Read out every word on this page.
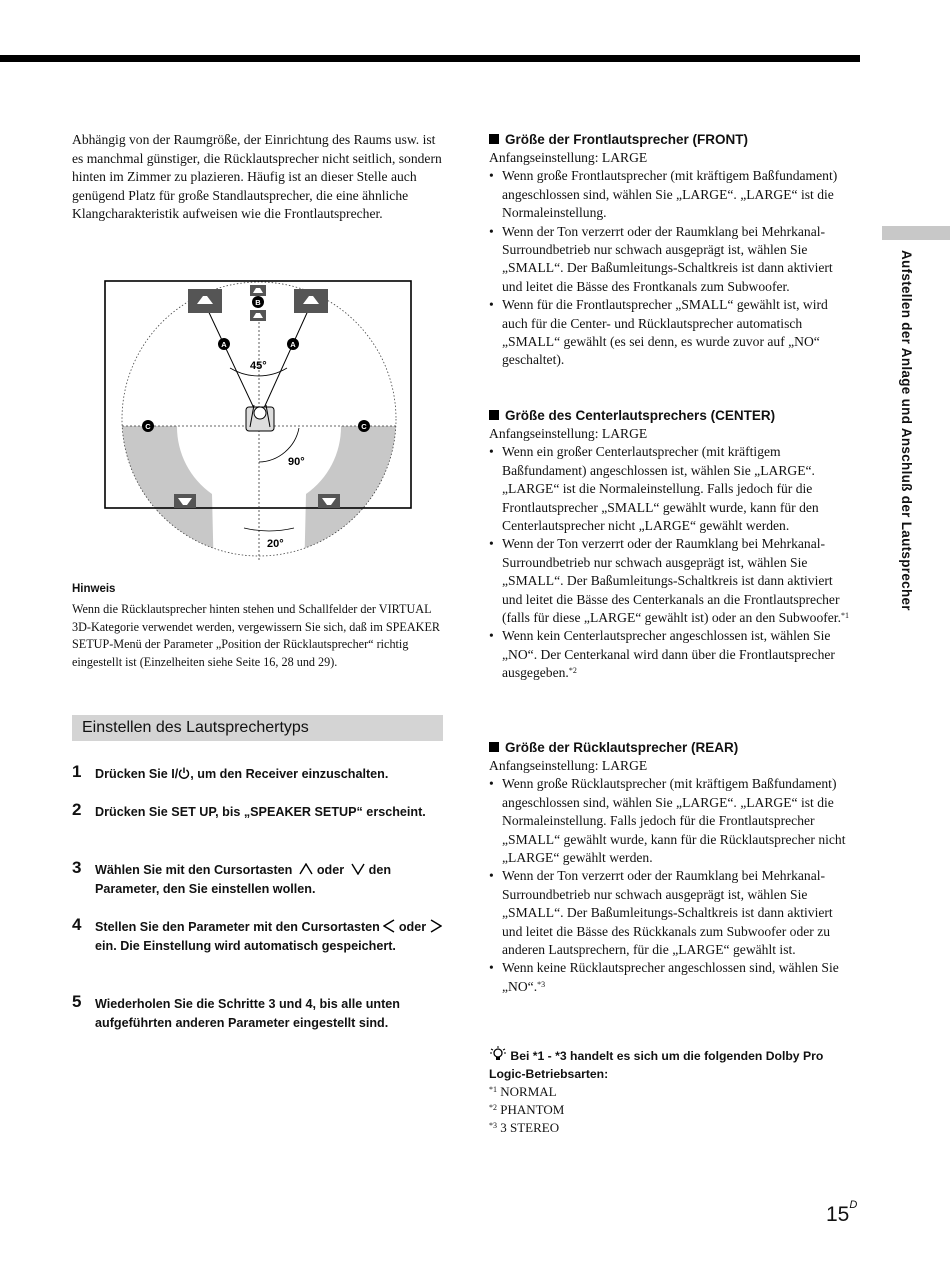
Aufstellen der Anlage und Anschluß der Lautsprecher

Abhängig von der Raumgröße, der Einrichtung des Raums usw. ist es manchmal günstiger, die Rücklautsprecher nicht seitlich, sondern hinten im Zimmer zu plazieren. Häufig ist an dieser Stelle auch genügend Platz für große Standlautsprecher, die eine ähnliche Klangcharakteristik aufweisen wie die Frontlautsprecher.

B
A	A
C	C
45°
90°
20°

Hinweis

Wenn die Rücklautsprecher hinten stehen und Schallfelder der VIRTUAL 3D-Kategorie verwendet werden, vergewissern Sie sich, daß im SPEAKER SETUP-Menü der Parameter „Position der Rücklautsprecher“ richtig eingestellt ist (Einzelheiten siehe Seite 16, 28 und 29).

Einstellen des Lautsprechertyps
1 Drücken Sie I/ , um den Receiver einzuschalten.
2 Drücken Sie SET UP, bis „SPEAKER SETUP“ erscheint.
3 Wählen Sie mit den Cursortasten oder den Parameter, den Sie einstellen wollen.
4 Stellen Sie den Parameter mit den Cursortasten oder  ein. Die Einstellung wird automatisch gespeichert.
5 Wiederholen Sie die Schritte 3 und 4, bis alle unten aufgeführten anderen Parameter eingestellt sind.

Größe der Frontlautsprecher (FRONT)

Anfangseinstellung: LARGE

• Wenn große Frontlautsprecher (mit kräftigem Baßfundament) angeschlossen sind, wählen Sie „LARGE“. „LARGE“ ist die Normaleinstellung.
• Wenn der Ton verzerrt oder der Raumklang bei Mehrkanal-Surroundbetrieb nur schwach ausgeprägt ist, wählen Sie „SMALL“. Der Baßumleitungs-Schaltkreis ist dann aktiviert und leitet die Bässe des Frontkanals zum Subwoofer.
• Wenn für die Frontlautsprecher „SMALL“ gewählt ist, wird auch für die Center- und Rücklautsprecher automatisch „SMALL“ gewählt (es sei denn, es wurde zuvor auf „NO“ geschaltet).

Größe des Centerlautsprechers (CENTER)

Anfangseinstellung: LARGE

• Wenn ein großer Centerlautsprecher (mit kräftigem Baßfundament) angeschlossen ist, wählen Sie „LARGE“. „LARGE“ ist die Normaleinstellung. Falls jedoch für die Frontlautsprecher „SMALL“ gewählt wurde, kann für den Centerlautsprecher nicht „LARGE“ gewählt werden.
• Wenn der Ton verzerrt oder der Raumklang bei Mehrkanal-Surroundbetrieb nur schwach ausgeprägt ist, wählen Sie „SMALL“. Der Baßumleitungs-Schaltkreis ist dann aktiviert und leitet die Bässe des Centerkanals an die Frontlautsprecher (falls für diese „LARGE“ gewählt ist) oder an den Subwoofer.$^{*1}$
• Wenn kein Centerlautsprecher angeschlossen ist, wählen Sie „NO“. Der Centerkanal wird dann über die Frontlautsprecher ausgegeben.$^{*2}$

Größe der Rücklautsprecher (REAR)

Anfangseinstellung: LARGE

• Wenn große Rücklautsprecher (mit kräftigem Baßfundament) angeschlossen sind, wählen Sie „LARGE“. „LARGE“ ist die Normaleinstellung. Falls jedoch für die Frontlautsprecher „SMALL“ gewählt wurde, kann für die Rücklautsprecher nicht „LARGE“ gewählt werden.
• Wenn der Ton verzerrt oder der Raumklang bei Mehrkanal-Surroundbetrieb nur schwach ausgeprägt ist, wählen Sie „SMALL“. Der Baßumleitungs-Schaltkreis ist dann aktiviert und leitet die Bässe des Rückkanals zum Subwoofer oder zu anderen Lautsprechern, für die „LARGE“ gewählt ist.
• Wenn keine Rücklautsprecher angeschlossen sind, wählen Sie „NO“.$^{*3}$

Bei *1 - *3 handelt es sich um die folgenden Dolby Pro Logic-Betriebsarten:

$^{*1}$ NORMAL

$^{*2}$ PHANTOM

$^{*3}$ 3 STEREO

$15^D$
